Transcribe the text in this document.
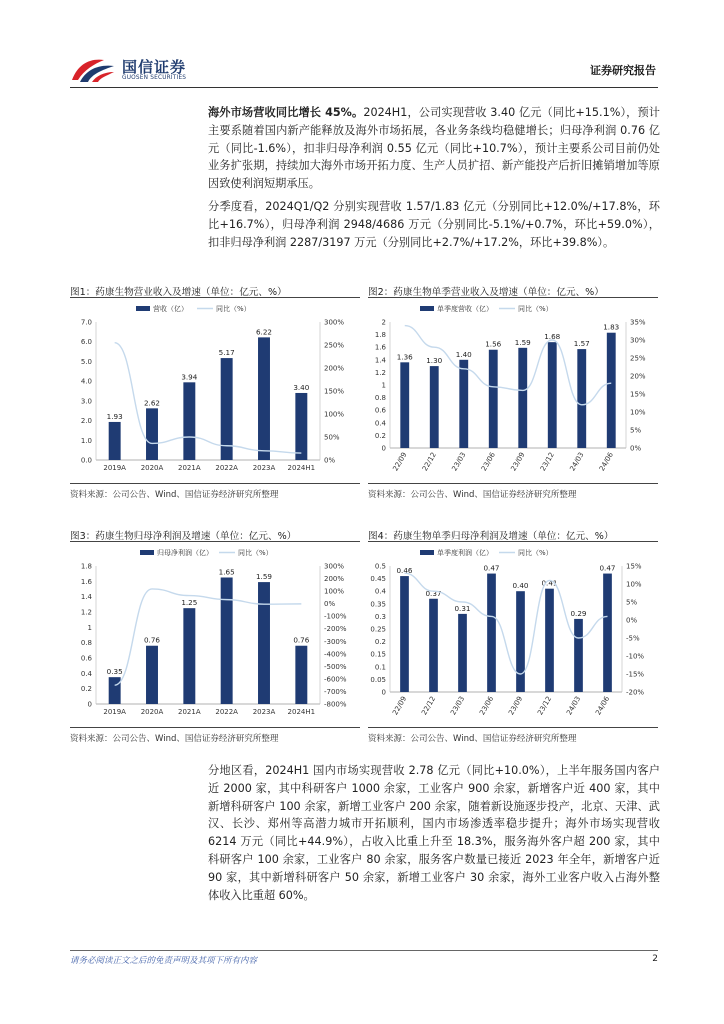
国信证券
GUOSEN SECURITIES
证券研究报告
海外市场营收同比增长 45%。2024H1，公司实现营收 3.40 亿元（同比+15.1%），预计主要系随着国内新产能释放及海外市场拓展，各业务条线均稳健增长；归母净利润 0.76 亿元（同比-1.6%），扣非归母净利润 0.55 亿元（同比+10.7%），预计主要系公司目前仍处业务扩张期，持续加大海外市场开拓力度、生产人员扩招、新产能投产后折旧摊销增加等原因致使利润短期承压。
分季度看，2024Q1/Q2 分别实现营收 1.57/1.83 亿元（分别同比+12.0%/+17.8%，环比+16.7%），归母净利润 2948/4686 万元（分别同比-5.1%/+0.7%，环比+59.0%），扣非归母净利润 2287/3197 万元（分别同比+2.7%/+17.2%，环比+39.8%）。
图1：药康生物营业收入及增速（单位：亿元、%）
营收（亿）	同比（%）
0.0
1.0
2.0
3.0
4.0
5.0
6.0
7.0
0%
50%
100%
150%
200%
250%
300%
1.93
2.62
3.94
5.17
6.22
3.40
2019A 2020A 2021A 2022A 2023A 2024H1
资料来源：公司公告、Wind、国信证券经济研究所整理
图2：药康生物单季营业收入及增速（单位：亿元、%）
单季度营收（亿）	同比（%）
0
0.2
0.4
0.6
0.8
1
1.2
1.4
1.6
1.8
2
0%
5%
10%
15%
20%
25%
30%
35%
1.36 1.30
1.40
1.56 1.59
1.68
1.57
1.83
22/09 22/12 23/03 23/06 23/09 23/12 24/03 24/06
资料来源：公司公告、Wind、国信证券经济研究所整理
图3：药康生物归母净利润及增速（单位：亿元、%）
归母净利润（亿）	同比（%）
0
0.2
0.4
0.6
0.8
1
1.2
1.4
1.6
1.8
-800%
-700%
-600%
-500%
-400%
-300%
-200%
-100%
0%
100%
200%
300%
0.35
0.76
1.25
1.65
1.59
0.76
2019A 2020A 2021A 2022A 2023A 2024H1
资料来源：公司公告、Wind、国信证券经济研究所整理
图4：药康生物单季归母净利润及增速（单位：亿元、%）
单季度利润（亿）	同比（%）
0
0.05
0.1
0.15
0.2
0.25
0.3
0.35
0.4
0.45
0.5
-20%
-15%
-10%
-5%
0%
5%
10%
15%
0.46
0.37
0.31
0.47
0.40 0.41
0.29
0.47
22/09 22/12 23/03 23/06 23/09 23/12 24/03 24/06
资料来源：公司公告、Wind、国信证券经济研究所整理
分地区看，2024H1 国内市场实现营收 2.78 亿元（同比+10.0%），上半年服务国内客户近 2000 家，其中科研客户 1000 余家，工业客户 900 余家，新增客户近 400 家，其中新增科研客户 100 余家，新增工业客户 200 余家，随着新设施逐步投产，北京、天津、武汉、长沙、郑州等高潜力城市开拓顺利，国内市场渗透率稳步提升；海外市场实现营收 6214 万元（同比+44.9%），占收入比重上升至 18.3%，服务海外客户超 200 家，其中科研客户 100 余家，工业客户 80 余家，服务客户数量已接近 2023 年全年，新增客户近 90 家，其中新增科研客户 50 余家，新增工业客户 30 余家，海外工业客户收入占海外整体收入比重超 60%。
请务必阅读正文之后的免责声明及其项下所有内容	2
